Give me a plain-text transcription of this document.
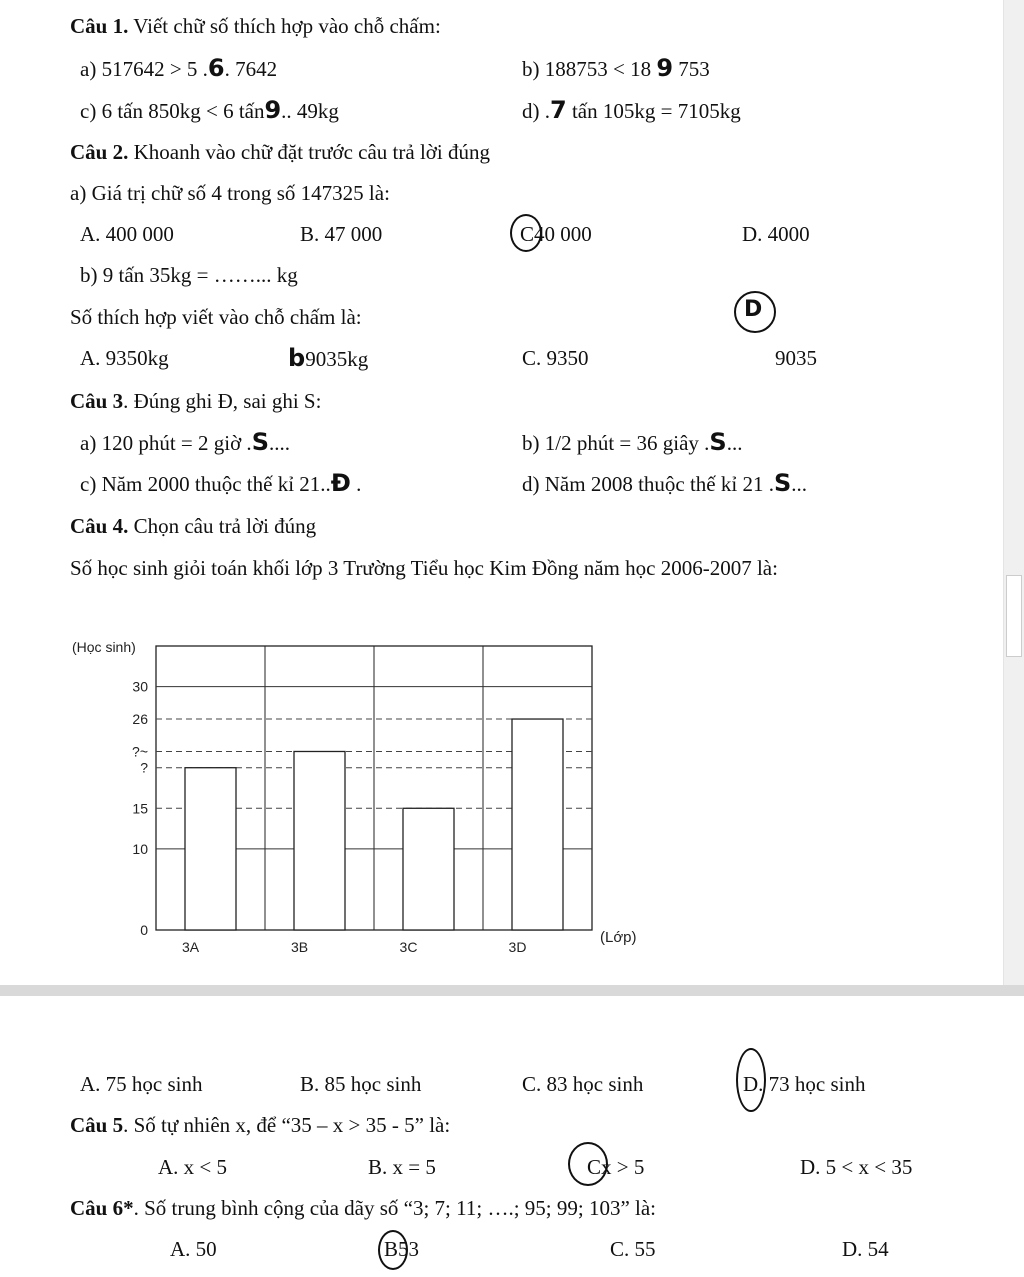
Câu 1. Viết chữ số thích hợp vào chỗ chấm:
a) 517642 > 5 .6. 7642	b) 188753 < 18 9 753
c) 6 tấn 850kg < 6 tấn9.. 49kg	d) .7 tấn 105kg = 7105kg
Câu 2. Khoanh vào chữ đặt trước câu trả lời đúng
a) Giá trị chữ số 4 trong số 147325 là:
A. 400 000	B. 47 000	C40 000	D. 4000
b) 9 tấn 35kg = ……... kg
Số thích hợp viết vào chỗ chấm là:	D
A. 9350kg	b9035kg	C. 9350	9035
Câu 3. Đúng ghi Đ, sai ghi S:
a) 120 phút = 2 giờ .S....	b) 1/2 phút = 36 giây .S...
c) Năm 2000 thuộc thế kỉ 21..Đ .	d) Năm 2008 thuộc thế kỉ 21 .S...
Câu 4. Chọn câu trả lời đúng
Số học sinh giỏi toán khối lớp 3 Trường Tiểu học Kim Đồng năm học 2006-2007 là:
0
10
15
?
?~
26
30
3A	3B	3C	3D
(Học sinh)
(Lớp)
A. 75 học sinh	B. 85 học sinh	C. 83 học sinh	D. 73 học sinh
Câu 5. Số tự nhiên x, để “35 – x > 35 - 5” là:
A. x < 5	B. x = 5	Cx > 5	D. 5 < x < 35
Câu 6*. Số trung bình cộng của dãy số “3; 7; 11; ….; 95; 99; 103” là:
A. 50	B53	C. 55	D. 54
